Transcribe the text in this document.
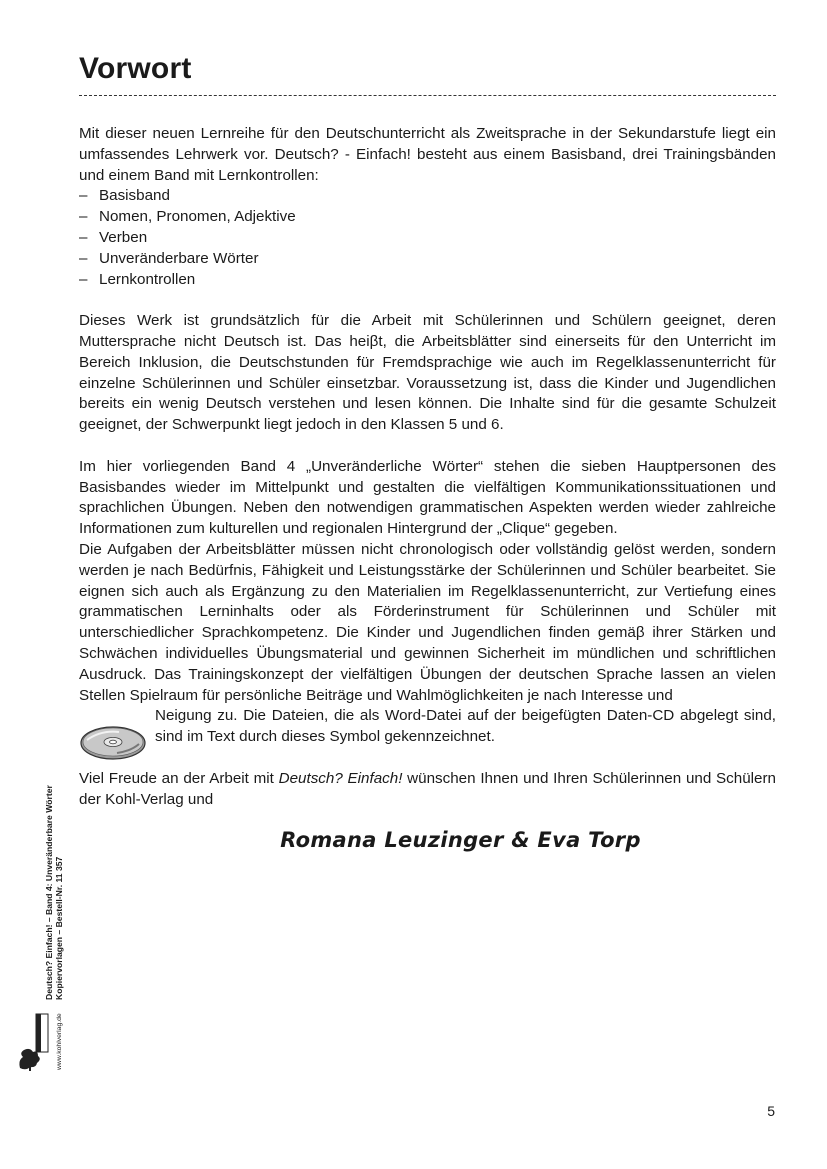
Vorwort

Mit dieser neuen Lernreihe für den Deutschunterricht als Zweitsprache in der Sekundarstufe liegt ein umfassendes Lehrwerk vor. Deutsch? - Einfach! besteht aus einem Basisband, drei Trainingsbänden und einem Band mit Lernkontrollen:

– Basisband
– Nomen, Pronomen, Adjektive
– Verben
– Unveränderbare Wörter
– Lernkontrollen

Dieses Werk ist grundsätzlich für die Arbeit mit Schülerinnen und Schülern geeignet, deren Muttersprache nicht Deutsch ist. Das heiβt, die Arbeitsblätter sind einerseits für den Unterricht im Bereich Inklusion, die Deutschstunden für Fremdsprachige wie auch im Regelklassenunterricht für einzelne Schülerinnen und Schüler einsetzbar. Voraussetzung ist, dass die Kinder und Jugendlichen bereits ein wenig Deutsch verstehen und lesen können. Die Inhalte sind für die gesamte Schulzeit geeignet, der Schwerpunkt liegt jedoch in den Klassen 5 und 6.

Im hier vorliegenden Band 4 „Unveränderliche Wörter“ stehen die sieben Hauptpersonen des Basisbandes wieder im Mittelpunkt und gestalten die vielfältigen Kommunikationssituationen und sprachlichen Übungen. Neben den notwendigen grammatischen Aspekten werden wieder zahlreiche Informationen zum kulturellen und regionalen Hintergrund der „Clique“ gegeben.

Die Aufgaben der Arbeitsblätter müssen nicht chronologisch oder vollständig gelöst werden, sondern werden je nach Bedürfnis, Fähigkeit und Leistungsstärke der Schülerinnen und Schüler bearbeitet. Sie eignen sich auch als Ergänzung zu den Materialien im Regelklassenunterricht, zur Vertiefung eines grammatischen Lerninhalts oder als Förderinstrument für Schülerinnen und Schüler mit unterschiedlicher Sprachkompetenz. Die Kinder und Jugendlichen finden gemäβ ihrer Stärken und Schwächen individuelles Übungsmaterial und gewinnen Sicherheit im mündlichen und schriftlichen Ausdruck. Das Trainingskonzept der vielfältigen Übungen der deutschen Sprache lassen an vielen Stellen Spielraum für persönliche Beiträge und Wahlmöglichkeiten je nach Interesse und

Neigung zu. Die Dateien, die als Word-Datei auf der beigefügten Daten-CD abgelegt sind, sind im Text durch dieses Symbol gekennzeichnet.

Viel Freude an der Arbeit mit Deutsch? Einfach! wünschen Ihnen und Ihren Schülerinnen und Schülern der Kohl-Verlag und

Romana Leuzinger & Eva Torp
Deutsch? Einfach! – Band 4: Unveränderbare Wörter Kopiervorlagen – Bestell-Nr. 11 357
www.kohlverlag.de
5
